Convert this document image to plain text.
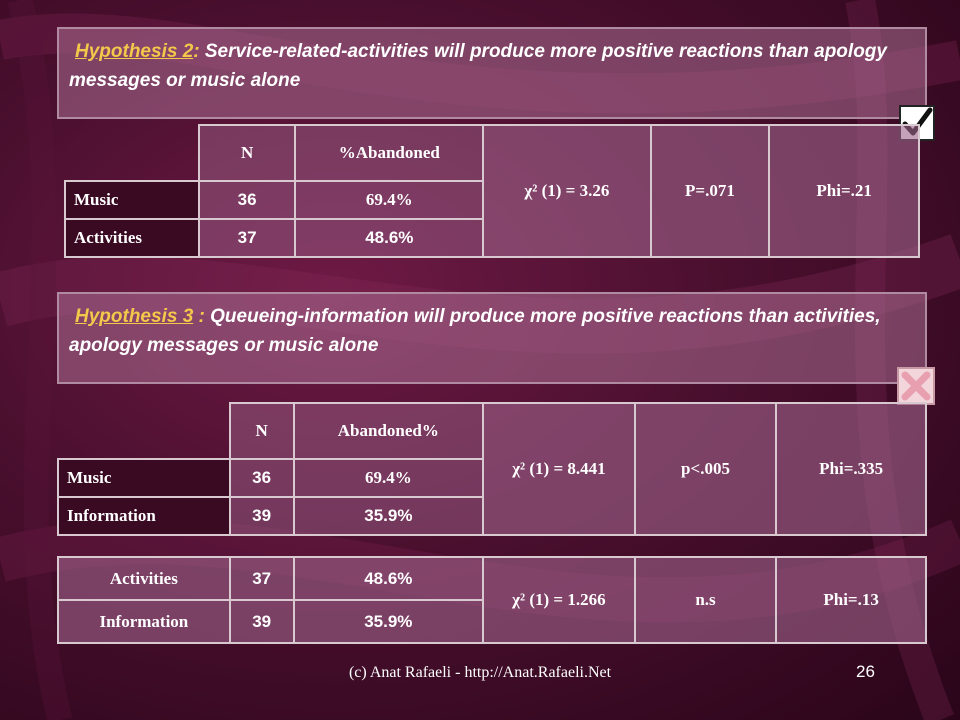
Hypothesis 2: Service-related-activities will produce more positive reactions than apology messages or music alone
	N	%Abandoned	χ² (1) = 3.26	P=.071	Phi=.21
Music	36	69.4%			
Activities	37	48.6%			
Hypothesis 3 : Queueing-information will produce more positive reactions than activities, apology messages or music alone
	N	Abandoned%	χ² (1) = 8.441	p<.005	Phi=.335
Music	36	69.4%			
Information	39	35.9%			
Activities	37	48.6%	χ² (1) = 1.266	n.s	Phi=.13
Information	39	35.9%			
(c) Anat Rafaeli - http://Anat.Rafaeli.Net	26
